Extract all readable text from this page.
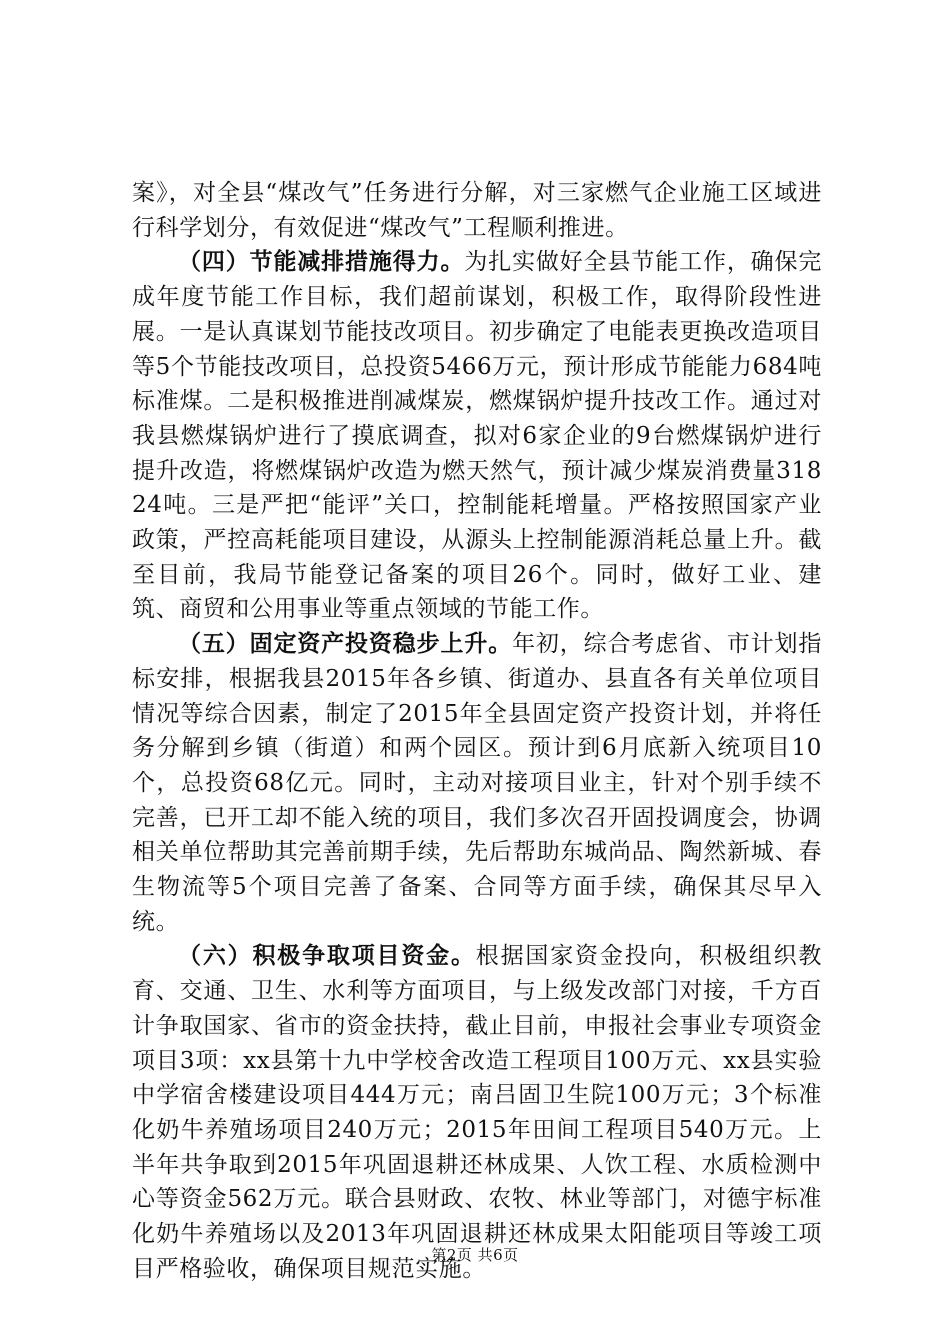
案》，对全县“煤改气”任务进行分解，对三家燃气企业施工区域进行科学划分，有效促进“煤改气”工程顺利推进。

（四）节能减排措施得力。为扎实做好全县节能工作，确保完成年度节能工作目标，我们超前谋划，积极工作，取得阶段性进展。一是认真谋划节能技改项目。初步确定了电能表更换改造项目等5个节能技改项目，总投资5466万元，预计形成节能能力684吨标准煤。二是积极推进削减煤炭，燃煤锅炉提升技改工作。通过对我县燃煤锅炉进行了摸底调查，拟对6家企业的9台燃煤锅炉进行提升改造，将燃煤锅炉改造为燃天然气，预计减少煤炭消费量31824吨。三是严把“能评”关口，控制能耗增量。严格按照国家产业政策，严控高耗能项目建设，从源头上控制能源消耗总量上升。截至目前，我局节能登记备案的项目26个。同时，做好工业、建筑、商贸和公用事业等重点领域的节能工作。

（五）固定资产投资稳步上升。年初，综合考虑省、市计划指标安排，根据我县2015年各乡镇、街道办、县直各有关单位项目情况等综合因素，制定了2015年全县固定资产投资计划，并将任务分解到乡镇（街道）和两个园区。预计到6月底新入统项目10个，总投资68亿元。同时，主动对接项目业主，针对个别手续不完善，已开工却不能入统的项目，我们多次召开固投调度会，协调相关单位帮助其完善前期手续，先后帮助东城尚品、陶然新城、春生物流等5个项目完善了备案、合同等方面手续，确保其尽早入统。

（六）积极争取项目资金。根据国家资金投向，积极组织教育、交通、卫生、水利等方面项目，与上级发改部门对接，千方百计争取国家、省市的资金扶持，截止目前，申报社会事业专项资金项目3项：xx县第十九中学校舍改造工程项目100万元、xx县实验中学宿舍楼建设项目444万元；南吕固卫生院100万元；3个标准化奶牛养殖场项目240万元；2015年田间工程项目540万元。上半年共争取到2015年巩固退耕还林成果、人饮工程、水质检测中心等资金562万元。联合县财政、农牧、林业等部门，对德宇标准化奶牛养殖场以及2013年巩固退耕还林成果太阳能项目等竣工项目严格验收，确保项目规范实施。

第2页 共6页
